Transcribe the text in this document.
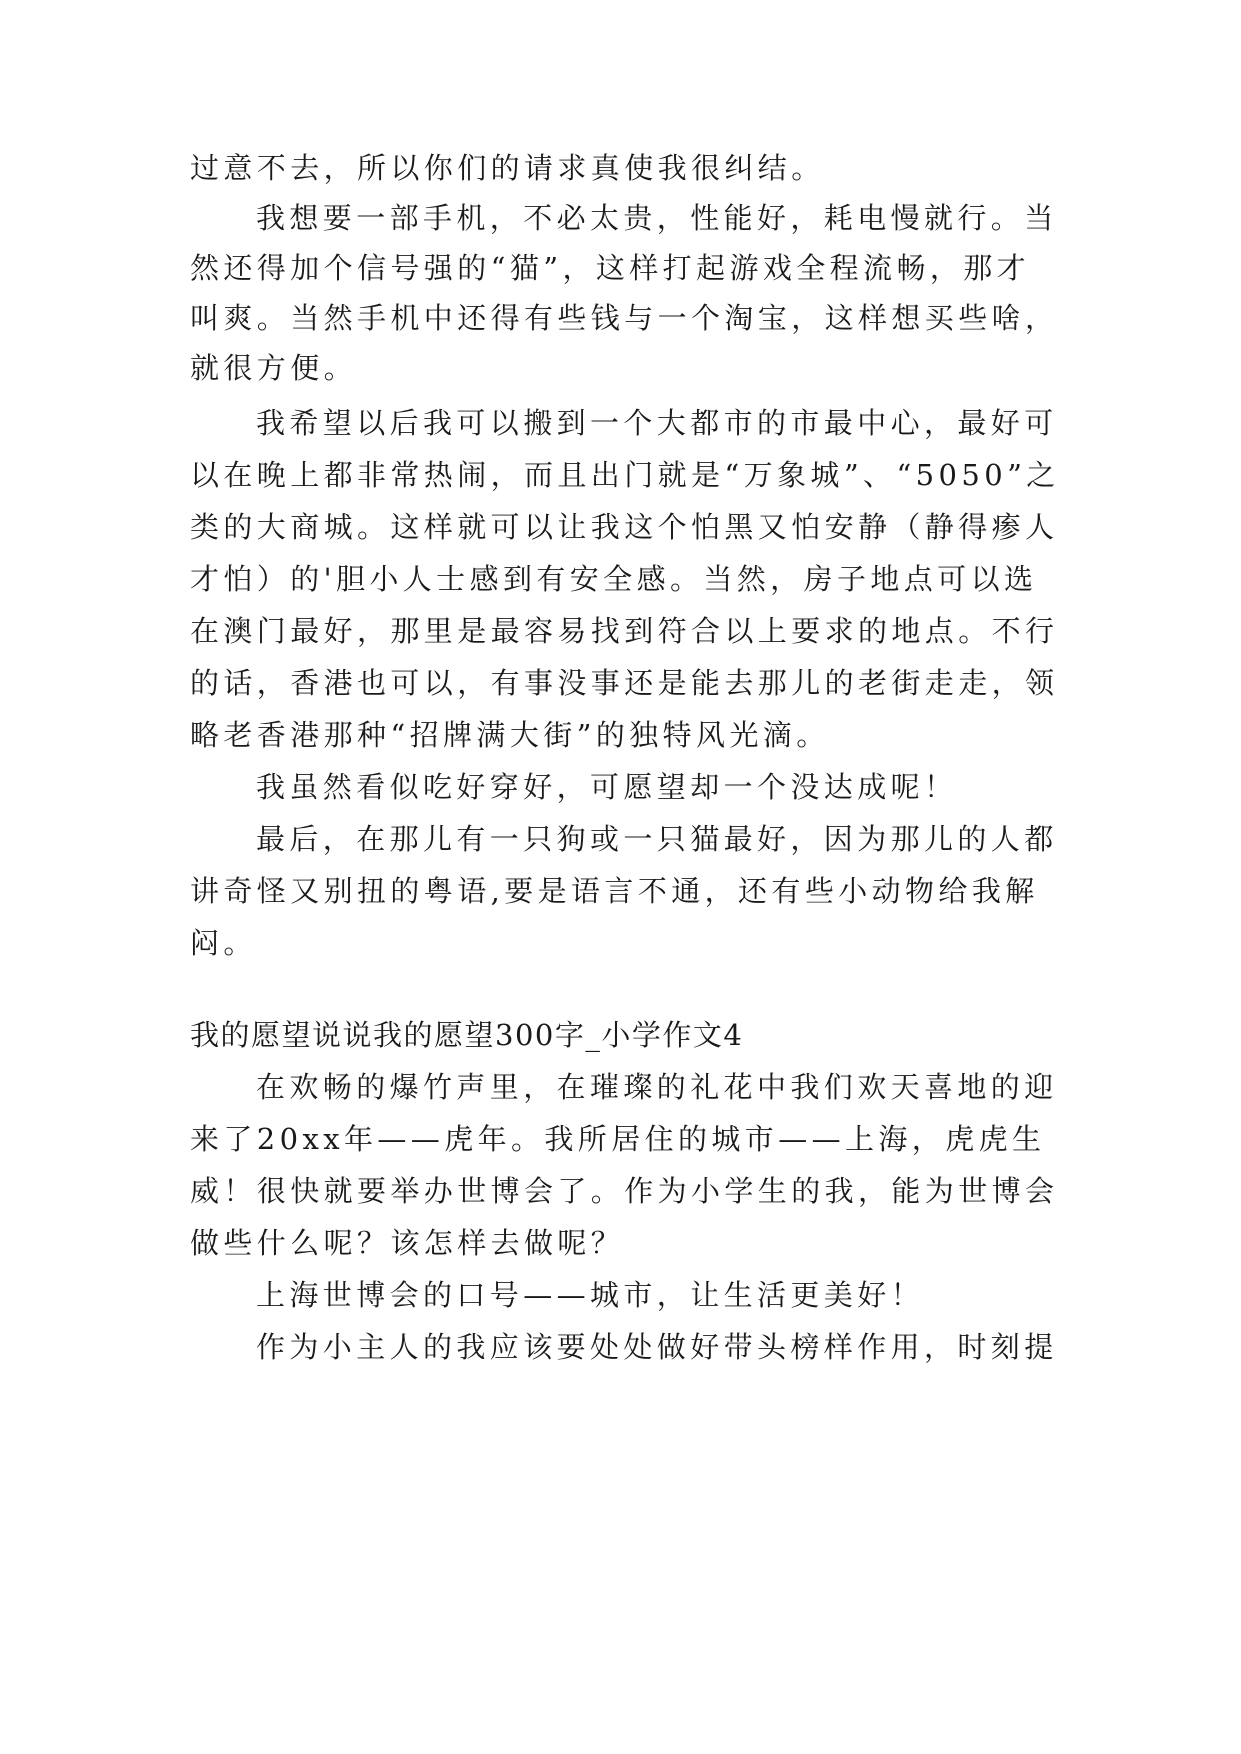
过意不去，所以你们的请求真使我很纠结。

我想要一部手机，不必太贵，性能好，耗电慢就行。当

然还得加个信号强的“猫”，这样打起游戏全程流畅，那才

叫爽。当然手机中还得有些钱与一个淘宝，这样想买些啥，

就很方便。

我希望以后我可以搬到一个大都市的市最中心，最好可

以在晚上都非常热闹，而且出门就是“万象城”、“5050”之

类的大商城。这样就可以让我这个怕黑又怕安静（静得瘆人

才怕）的'胆小人士感到有安全感。当然，房子地点可以选

在澳门最好，那里是最容易找到符合以上要求的地点。不行

的话，香港也可以，有事没事还是能去那儿的老街走走，领

略老香港那种“招牌满大街”的独特风光滴。

我虽然看似吃好穿好，可愿望却一个没达成呢！

最后，在那儿有一只狗或一只猫最好，因为那儿的人都

讲奇怪又别扭的粤语,要是语言不通，还有些小动物给我解

闷。

我的愿望说说我的愿望300字_小学作文4

在欢畅的爆竹声里，在璀璨的礼花中我们欢天喜地的迎

来了20xx年——虎年。我所居住的城市——上海，虎虎生

威！很快就要举办世博会了。作为小学生的我，能为世博会

做些什么呢？该怎样去做呢？

上海世博会的口号——城市，让生活更美好！

作为小主人的我应该要处处做好带头榜样作用，时刻提
